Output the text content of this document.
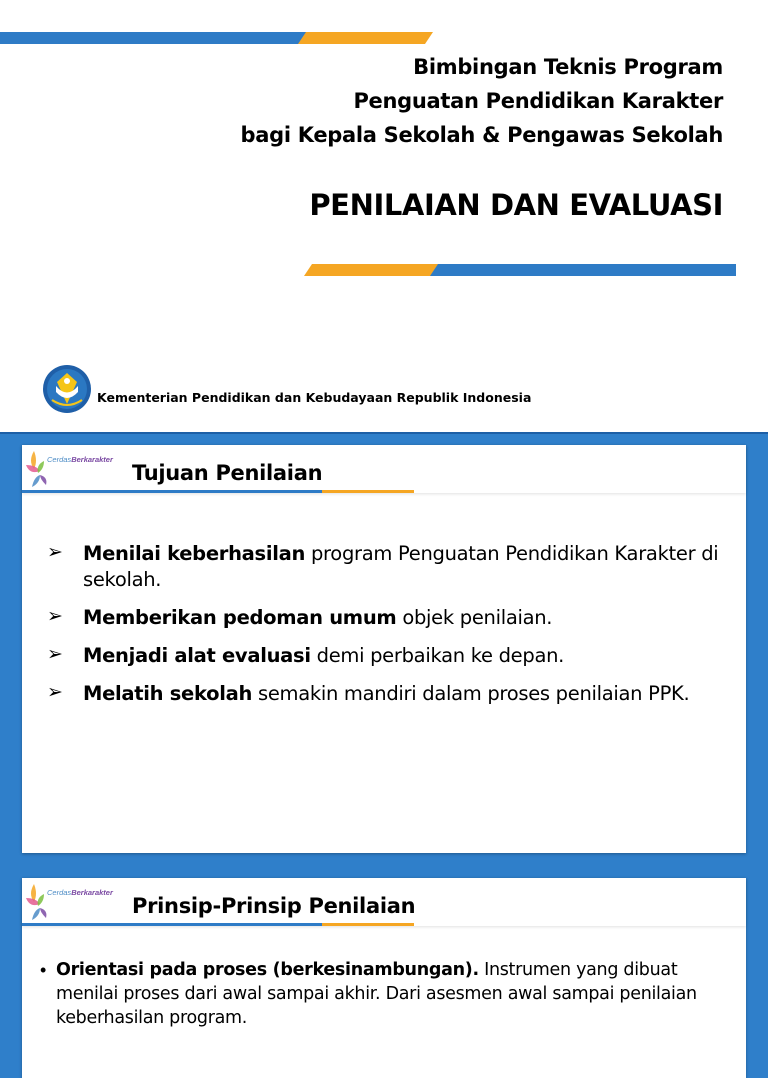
Bimbingan Teknis Program
Penguatan Pendidikan Karakter
bagi Kepala Sekolah & Pengawas Sekolah
PENILAIAN DAN EVALUASI
Kementerian Pendidikan dan Kebudayaan Republik Indonesia
CerdasBerkarakter
Tujuan Penilaian
➢	Menilai keberhasilan program Penguatan Pendidikan Karakter di sekolah.
➢	Memberikan pedoman umum objek penilaian.
➢	Menjadi alat evaluasi demi perbaikan ke depan.
➢	Melatih sekolah semakin mandiri dalam proses penilaian PPK.
CerdasBerkarakter
Prinsip-Prinsip Penilaian
• Orientasi pada proses (berkesinambungan). Instrumen yang dibuat menilai proses dari awal sampai akhir. Dari asesmen awal sampai penilaian keberhasilan program.
